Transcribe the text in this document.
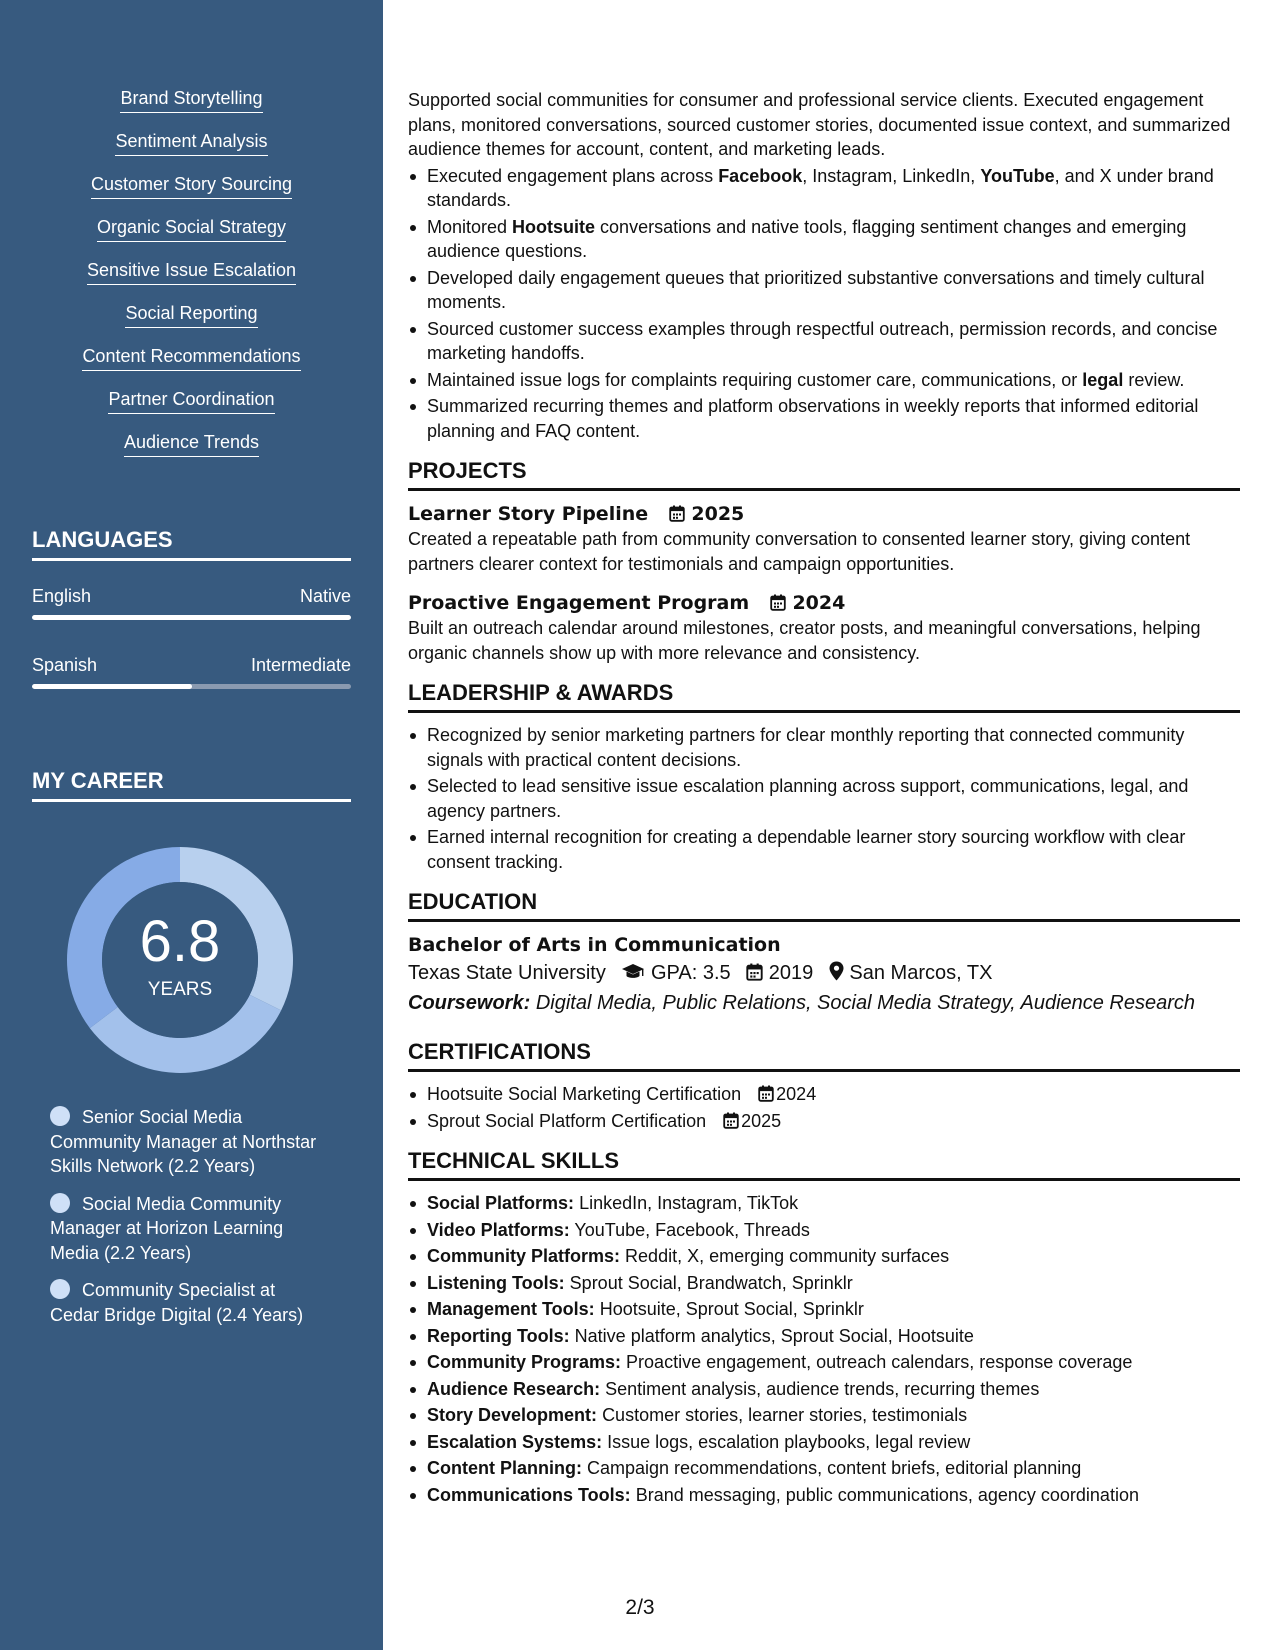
Brand Storytelling
Sentiment Analysis
Customer Story Sourcing
Organic Social Strategy
Sensitive Issue Escalation
Social Reporting
Content Recommendations
Partner Coordination
Audience Trends
LANGUAGES
English	Native
Spanish	Intermediate
MY CAREER
6.8
YEARS
Senior Social Media Community Manager at Northstar Skills Network (2.2 Years)
Social Media Community Manager at Horizon Learning Media (2.2 Years)
Community Specialist at Cedar Bridge Digital (2.4 Years)

Supported social communities for consumer and professional service clients. Executed engagement plans, monitored conversations, sourced customer stories, documented issue context, and summarized audience themes for account, content, and marketing leads.

Executed engagement plans across Facebook, Instagram, LinkedIn, YouTube, and X under brand standards.
Monitored Hootsuite conversations and native tools, flagging sentiment changes and emerging audience questions.
Developed daily engagement queues that prioritized substantive conversations and timely cultural moments.
Sourced customer success examples through respectful outreach, permission records, and concise marketing handoffs.
Maintained issue logs for complaints requiring customer care, communications, or legal review.
Summarized recurring themes and platform observations in weekly reports that informed editorial planning and FAQ content.
PROJECTS
Learner Story Pipeline 2025

Created a repeatable path from community conversation to consented learner story, giving content partners clearer context for testimonials and campaign opportunities.

Proactive Engagement Program 2024

Built an outreach calendar around milestones, creator posts, and meaningful conversations, helping organic channels show up with more relevance and consistency.

LEADERSHIP & AWARDS
Recognized by senior marketing partners for clear monthly reporting that connected community signals with practical content decisions.
Selected to lead sensitive issue escalation planning across support, communications, legal, and agency partners.
Earned internal recognition for creating a dependable learner story sourcing workflow with clear consent tracking.
EDUCATION
Bachelor of Arts in Communication
Texas State University GPA: 3.5 2019 San Marcos, TX
Coursework: Digital Media, Public Relations, Social Media Strategy, Audience Research
CERTIFICATIONS
Hootsuite Social Marketing Certification 2024
Sprout Social Platform Certification 2025
TECHNICAL SKILLS
Social Platforms: LinkedIn, Instagram, TikTok
Video Platforms: YouTube, Facebook, Threads
Community Platforms: Reddit, X, emerging community surfaces
Listening Tools: Sprout Social, Brandwatch, Sprinklr
Management Tools: Hootsuite, Sprout Social, Sprinklr
Reporting Tools: Native platform analytics, Sprout Social, Hootsuite
Community Programs: Proactive engagement, outreach calendars, response coverage
Audience Research: Sentiment analysis, audience trends, recurring themes
Story Development: Customer stories, learner stories, testimonials
Escalation Systems: Issue logs, escalation playbooks, legal review
Content Planning: Campaign recommendations, content briefs, editorial planning
Communications Tools: Brand messaging, public communications, agency coordination
2/3
